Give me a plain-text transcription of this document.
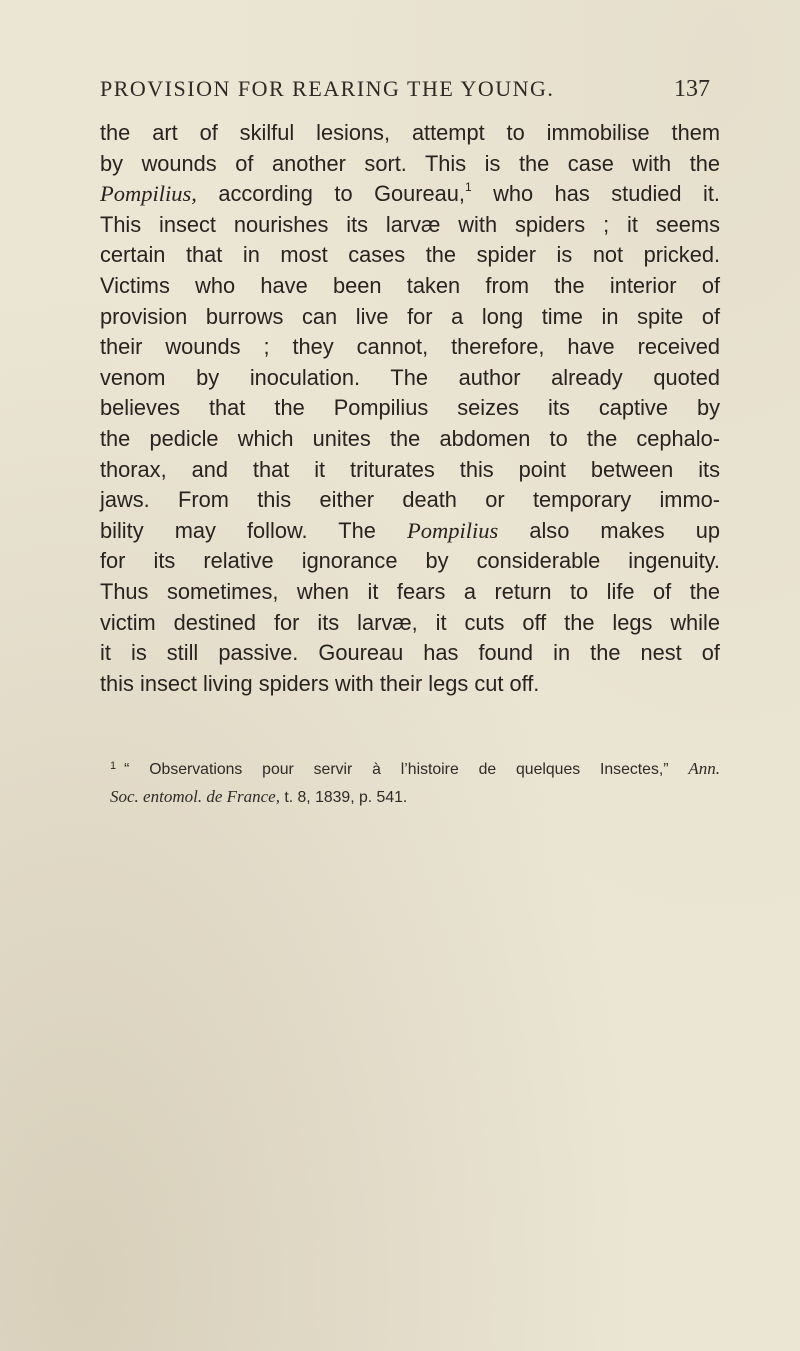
PROVISION FOR REARING THE YOUNG.	137
the art of skilful lesions, attempt to immobilise them
by wounds of another sort. This is the case with the
Pompilius, according to Goureau,$^1$ who has studied it.
This insect nourishes its larvæ with spiders ; it seems
certain that in most cases the spider is not pricked.
Victims who have been taken from the interior of
provision burrows can live for a long time in spite of
their wounds ; they cannot, therefore, have received
venom by inoculation. The author already quoted
believes that the Pompilius seizes its captive by
the pedicle which unites the abdomen to the cephalo-
thorax, and that it triturates this point between its
jaws. From this either death or temporary immo-
bility may follow. The Pompilius also makes up
for its relative ignorance by considerable ingenuity.
Thus sometimes, when it fears a return to life of the
victim destined for its larvæ, it cuts off the legs while
it is still passive. Goureau has found in the nest of
this insect living spiders with their legs cut off.
$^1$ “ Observations pour servir à l’histoire de quelques Insectes,” Ann.
Soc. entomol. de France, t. 8, 1839, p. 541.
